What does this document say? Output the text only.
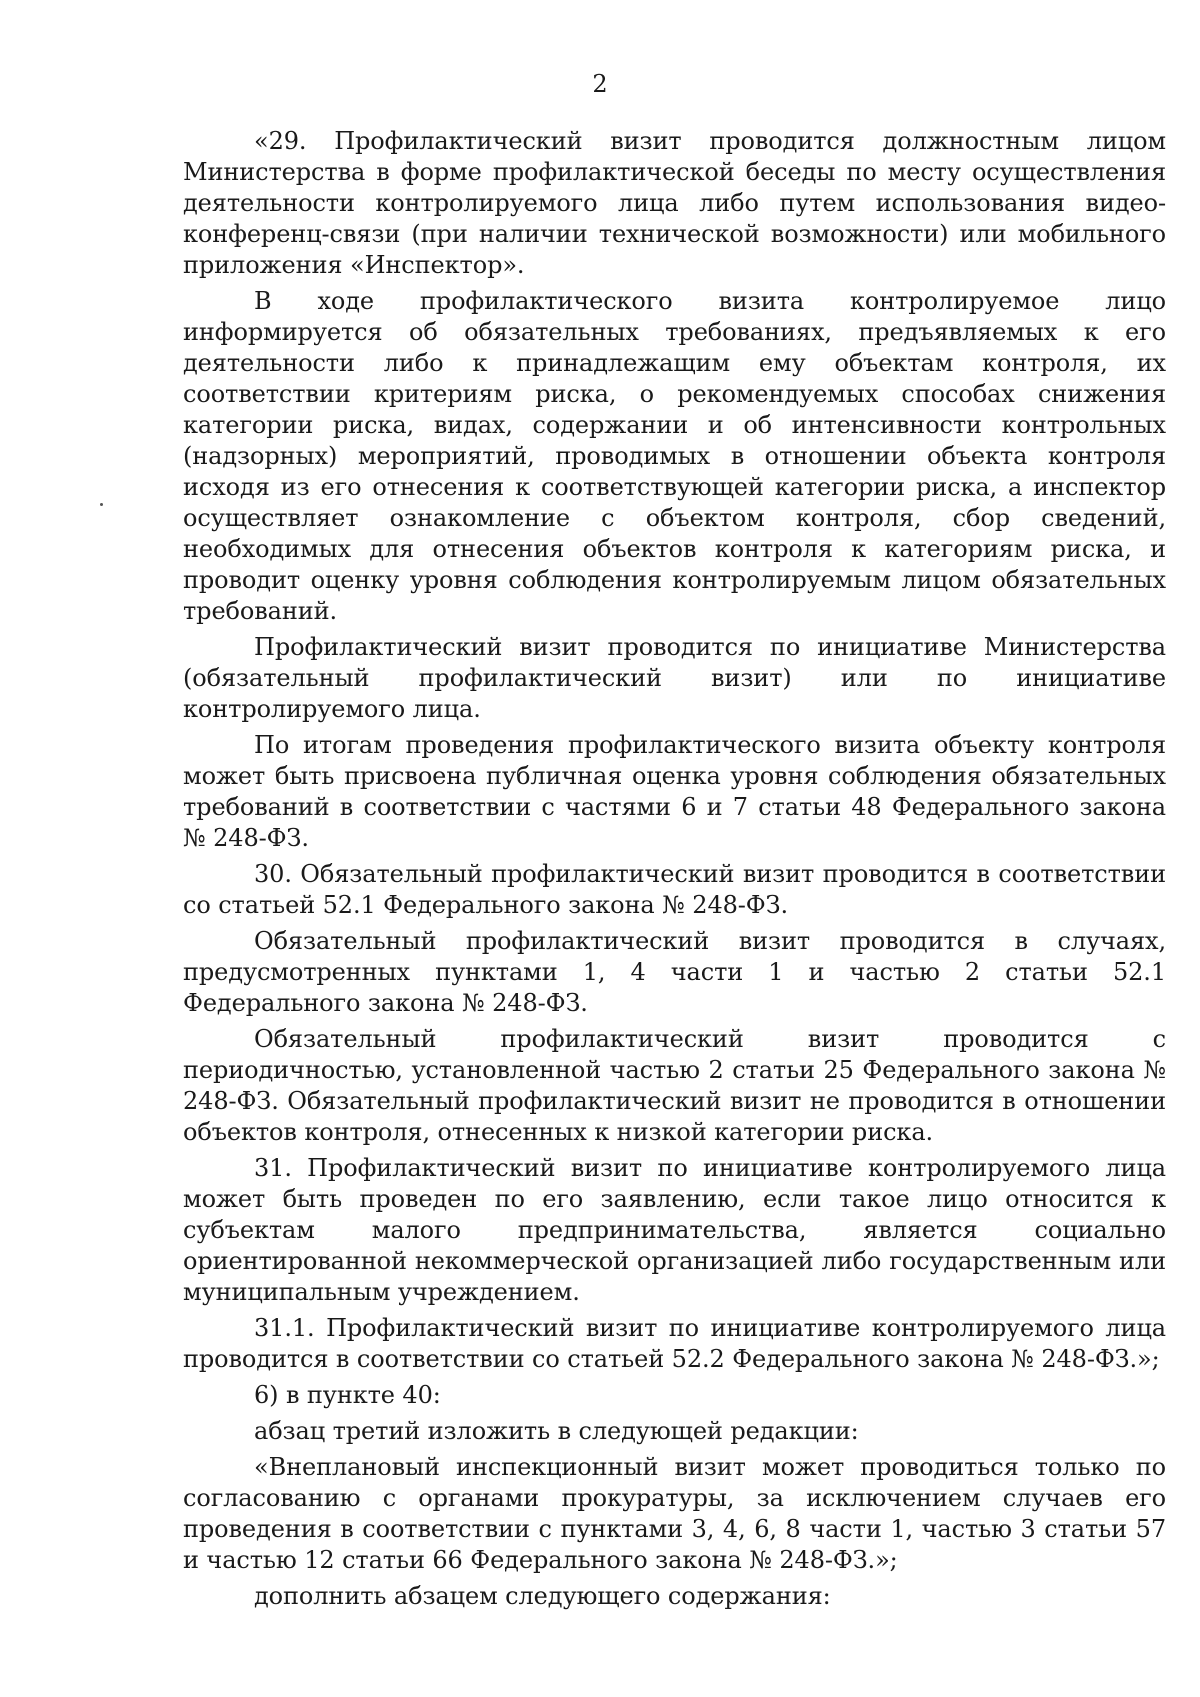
2

«29. Профилактический визит проводится должностным лицом Министерства в форме профилактической беседы по месту осуществления деятельности контролируемого лица либо путем использования видео-конференц-связи (при наличии технической возможности) или мобильного приложения «Инспектор».

В ходе профилактического визита контролируемое лицо информируется об обязательных требованиях, предъявляемых к его деятельности либо к принадлежащим ему объектам контроля, их соответствии критериям риска, о рекомендуемых способах снижения категории риска, видах, содержании и об интенсивности контрольных (надзорных) мероприятий, проводимых в отношении объекта контроля исходя из его отнесения к соответствующей категории риска, а инспектор осуществляет ознакомление с объектом контроля, сбор сведений, необходимых для отнесения объектов контроля к категориям риска, и проводит оценку уровня соблюдения контролируемым лицом обязательных требований.

Профилактический визит проводится по инициативе Министерства (обязательный профилактический визит) или по инициативе контролируемого лица.

По итогам проведения профилактического визита объекту контроля может быть присвоена публичная оценка уровня соблюдения обязательных требований в соответствии с частями 6 и 7 статьи 48 Федерального закона № 248-ФЗ.

30. Обязательный профилактический визит проводится в соответствии со статьей 52.1 Федерального закона № 248-ФЗ.

Обязательный профилактический визит проводится в случаях, предусмотренных пунктами 1, 4 части 1 и частью 2 статьи 52.1 Федерального закона № 248-ФЗ.

Обязательный профилактический визит проводится с периодичностью, установленной частью 2 статьи 25 Федерального закона № 248-ФЗ. Обязательный профилактический визит не проводится в отношении объектов контроля, отнесенных к низкой категории риска.

31. Профилактический визит по инициативе контролируемого лица может быть проведен по его заявлению, если такое лицо относится к субъектам малого предпринимательства, является социально ориентированной некоммерческой организацией либо государственным или муниципальным учреждением.

31.1. Профилактический визит по инициативе контролируемого лица проводится в соответствии со статьей 52.2 Федерального закона № 248-ФЗ.»;

6) в пункте 40:

абзац третий изложить в следующей редакции:

«Внеплановый инспекционный визит может проводиться только по согласованию с органами прокуратуры, за исключением случаев его проведения в соответствии с пунктами 3, 4, 6, 8 части 1, частью 3 статьи 57 и частью 12 статьи 66 Федерального закона № 248-ФЗ.»;

дополнить абзацем следующего содержания:
